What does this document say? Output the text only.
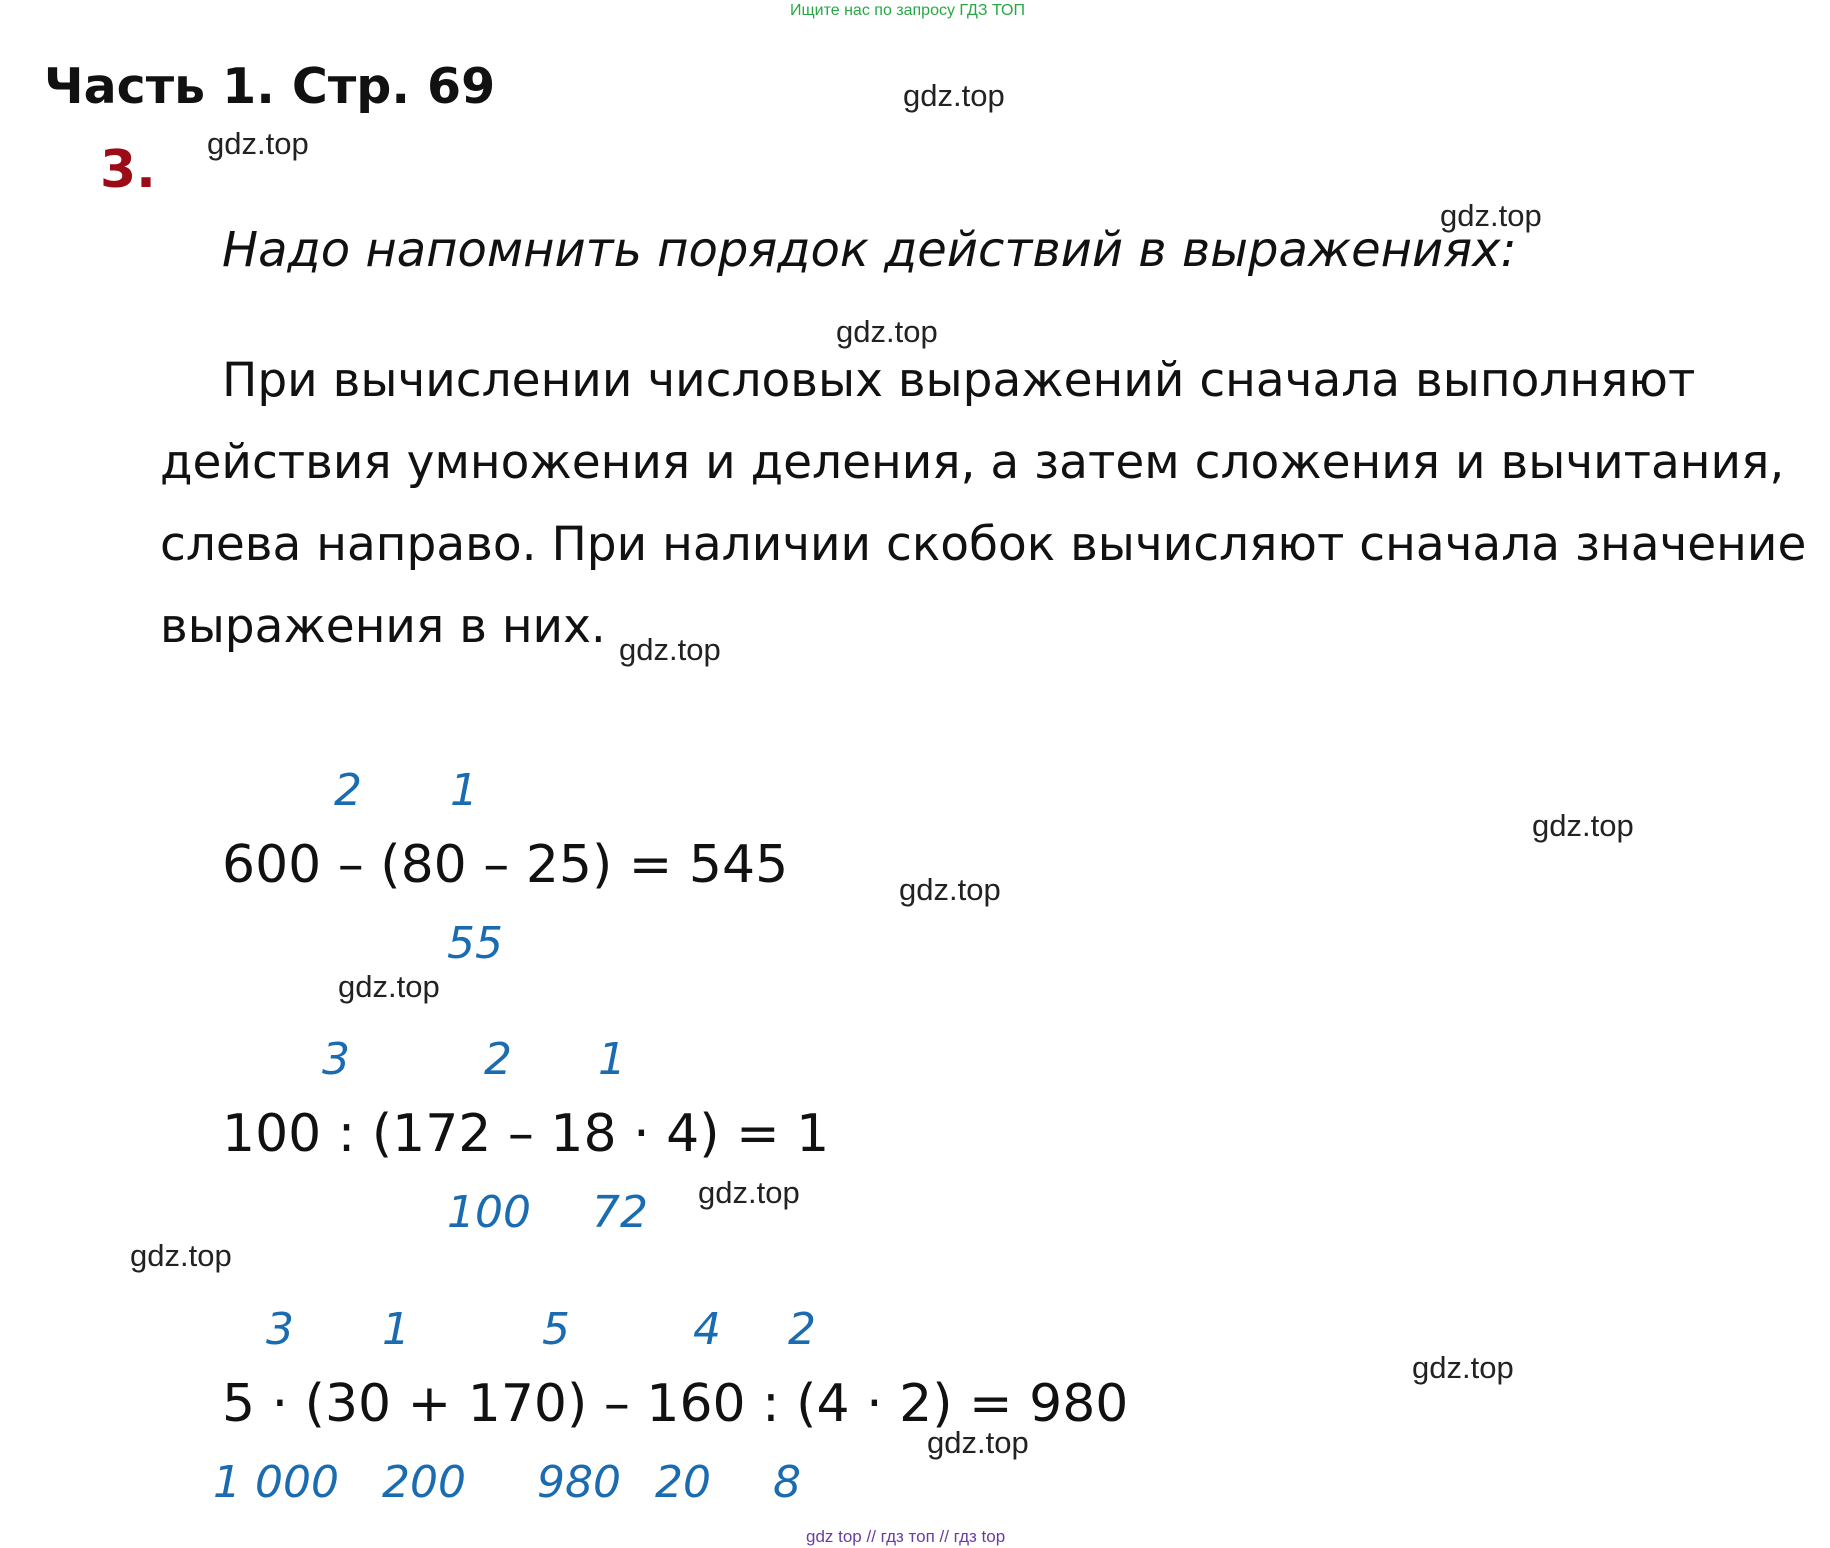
Ищите нас по запросу ГДЗ ТОП
Часть 1. Стр. 69
3.
Надо напомнить порядок действий в выражениях:
При вычислении числовых выражений сначала выполняют
действия умножения и деления, а затем сложения и вычитания,
слева направо. При наличии скобок вычисляют сначала значение
выражения в них.
2 1
600 – (80 – 25) = 545
55
3	2 1
100 : (172 – 18 · 4) = 1
100 72
3 1	5	4 2
5 · (30 + 170) – 160 : (4 · 2) = 980
1 000 200 980 20 8
gdz.top
gdz.top
gdz.top
gdz.top
gdz.top
gdz.top
gdz.top
gdz.top
gdz.top
gdz.top
gdz.top
gdz.top
gdz top // гдз топ // гдз top
